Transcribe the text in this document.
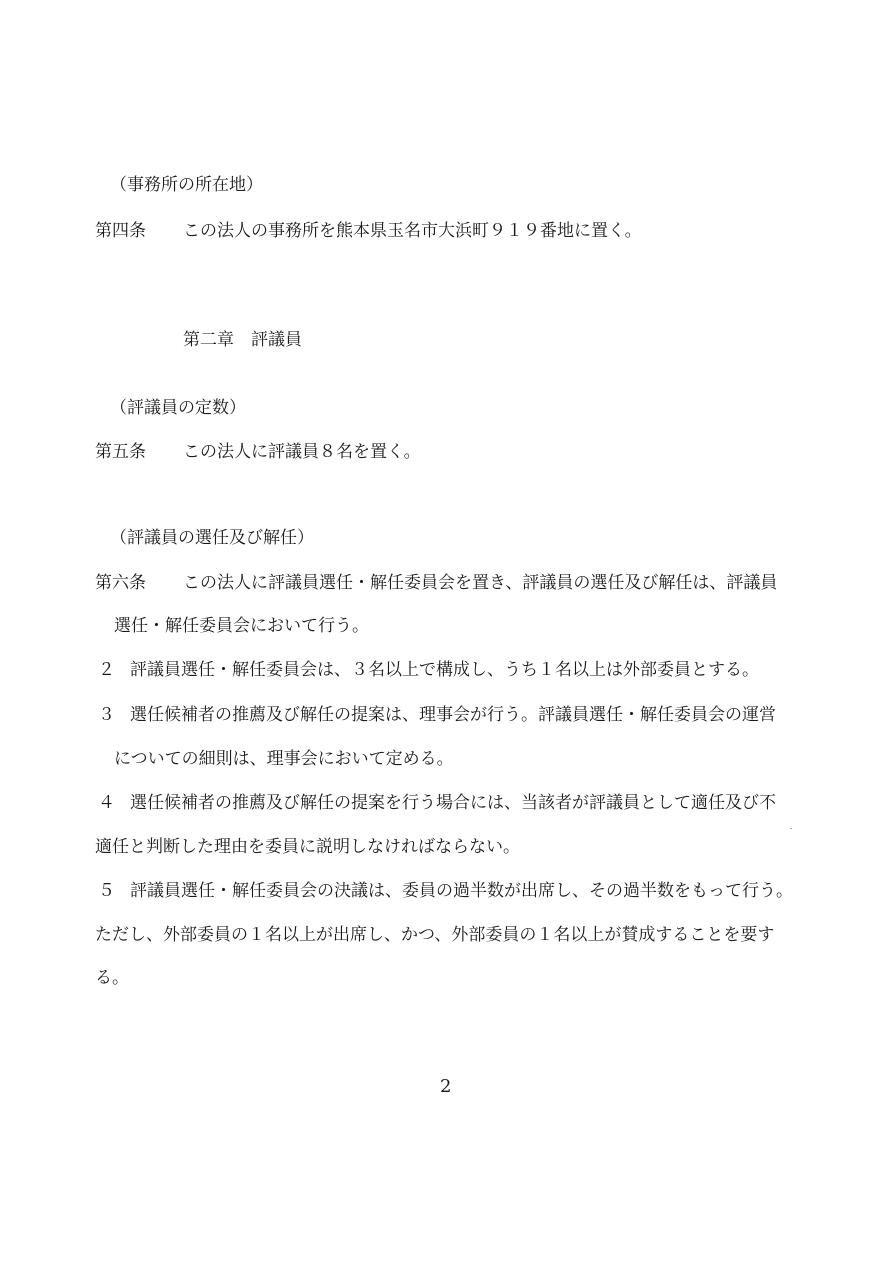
（事務所の所在地）
第四条 この法人の事務所を熊本県玉名市大浜町９１９番地に置く。
第二章　評議員
（評議員の定数）
第五条 この法人に評議員８名を置く。
（評議員の選任及び解任）
第六条 この法人に評議員選任・解任委員会を置き、評議員の選任及び解任は、評議員
選任・解任委員会において行う。
２ 評議員選任・解任委員会は、３名以上で構成し、うち１名以上は外部委員とする。
３ 選任候補者の推薦及び解任の提案は、理事会が行う。評議員選任・解任委員会の運営
についての細則は、理事会において定める。
４ 選任候補者の推薦及び解任の提案を行う場合には、当該者が評議員として適任及び不
適任と判断した理由を委員に説明しなければならない。
５ 評議員選任・解任委員会の決議は、委員の過半数が出席し、その過半数をもって行う。
ただし、外部委員の１名以上が出席し、かつ、外部委員の１名以上が賛成することを要す
る。
2
